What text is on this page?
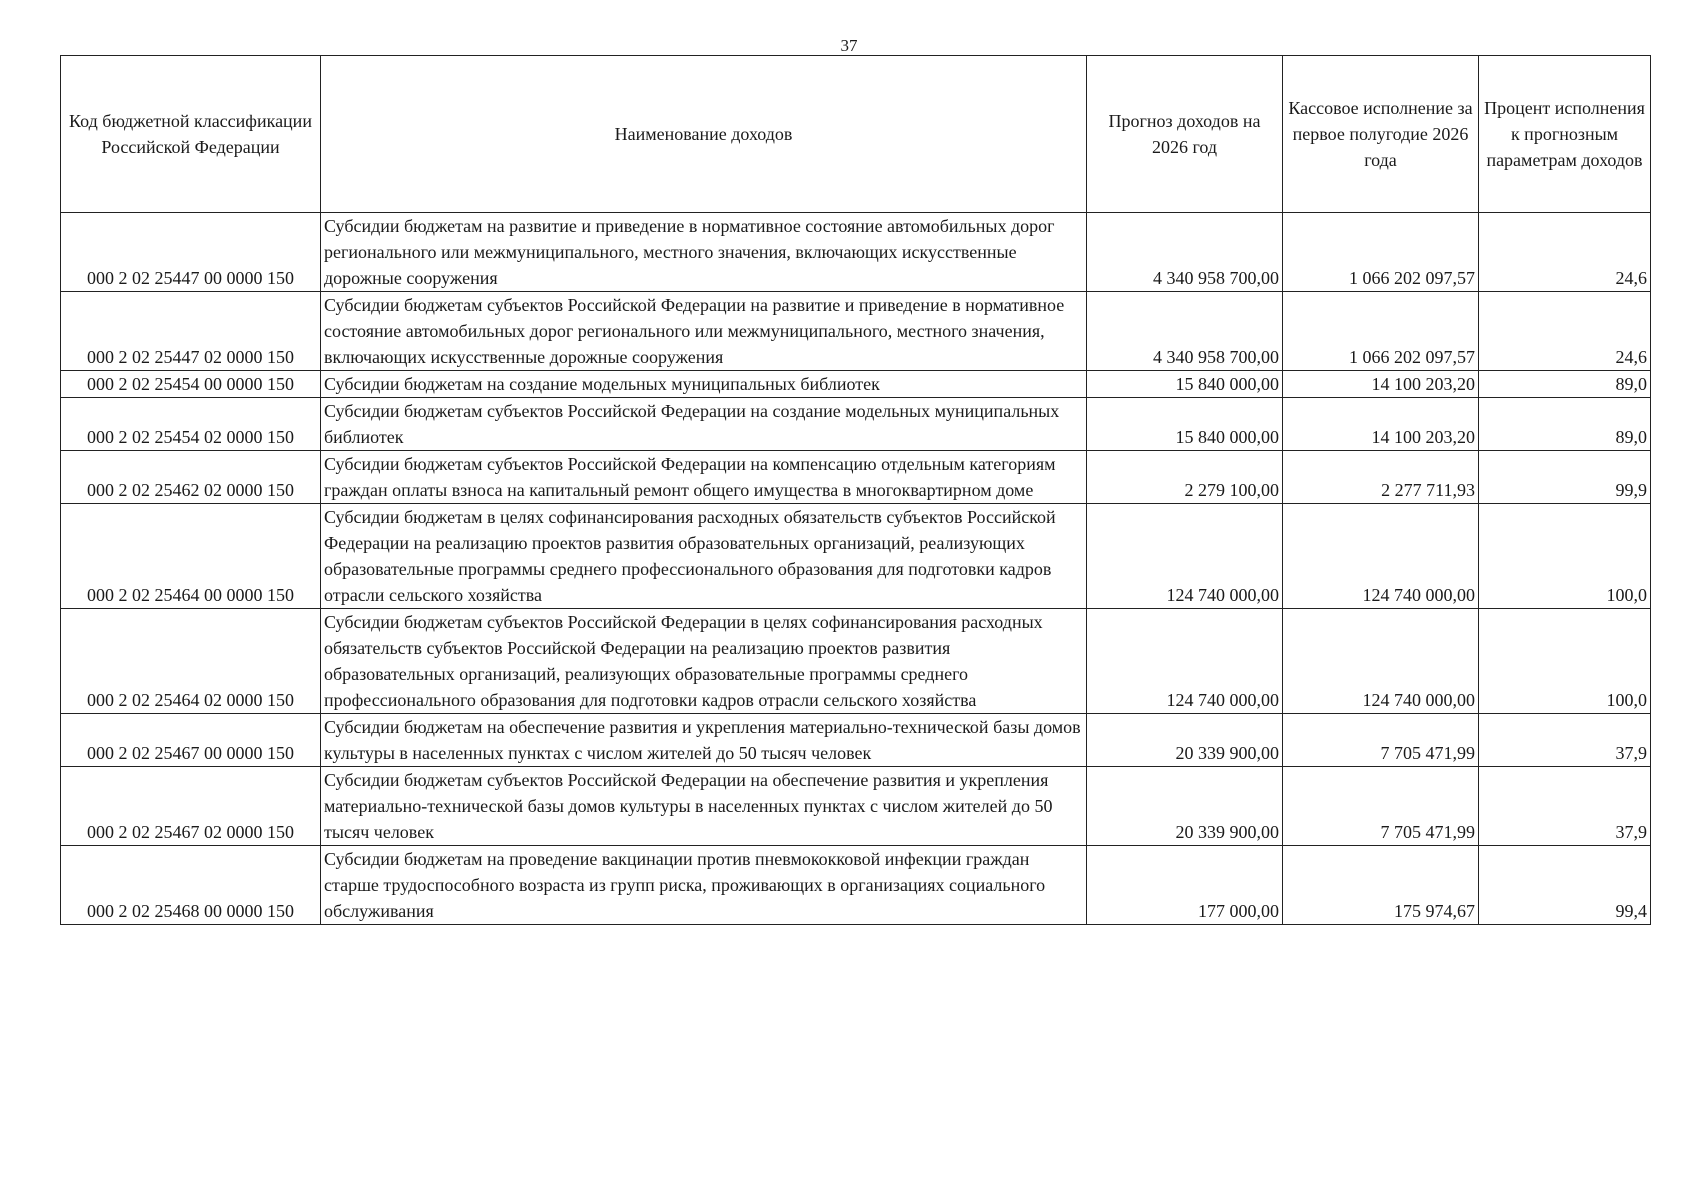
37
Код бюджетной классификации Российской Федерации	Наименование доходов	Прогноз доходов на 2026 год	Кассовое исполнение за первое полугодие 2026 года	Процент исполнения к прогнозным параметрам доходов
000 2 02 25447 00 0000 150	Субсидии бюджетам на развитие и приведение в нормативное состояние автомобильных дорог регионального или межмуниципального, местного значения, включающих искусственные дорожные сооружения	4 340 958 700,00	1 066 202 097,57	24,6
000 2 02 25447 02 0000 150	Субсидии бюджетам субъектов Российской Федерации на развитие и приведение в нормативное состояние автомобильных дорог регионального или межмуниципального, местного значения, включающих искусственные дорожные сооружения	4 340 958 700,00	1 066 202 097,57	24,6
000 2 02 25454 00 0000 150	Субсидии бюджетам на создание модельных муниципальных библиотек	15 840 000,00	14 100 203,20	89,0
000 2 02 25454 02 0000 150	Субсидии бюджетам субъектов Российской Федерации на создание модельных муниципальных библиотек	15 840 000,00	14 100 203,20	89,0
000 2 02 25462 02 0000 150	Субсидии бюджетам субъектов Российской Федерации на компенсацию отдельным категориям граждан оплаты взноса на капитальный ремонт общего имущества в многоквартирном доме	2 279 100,00	2 277 711,93	99,9
000 2 02 25464 00 0000 150	Субсидии бюджетам в целях софинансирования расходных обязательств субъектов Российской Федерации на реализацию проектов развития образовательных организаций, реализующих образовательные программы среднего профессионального образования для подготовки кадров отрасли сельского хозяйства	124 740 000,00	124 740 000,00	100,0
000 2 02 25464 02 0000 150	Субсидии бюджетам субъектов Российской Федерации в целях софинансирования расходных обязательств субъектов Российской Федерации на реализацию проектов развития образовательных организаций, реализующих образовательные программы среднего профессионального образования для подготовки кадров отрасли сельского хозяйства	124 740 000,00	124 740 000,00	100,0
000 2 02 25467 00 0000 150	Субсидии бюджетам на обеспечение развития и укрепления материально-технической базы домов культуры в населенных пунктах с числом жителей до 50 тысяч человек	20 339 900,00	7 705 471,99	37,9
000 2 02 25467 02 0000 150	Субсидии бюджетам субъектов Российской Федерации на обеспечение развития и укрепления материально-технической базы домов культуры в населенных пунктах с числом жителей до 50 тысяч человек	20 339 900,00	7 705 471,99	37,9
000 2 02 25468 00 0000 150	Субсидии бюджетам на проведение вакцинации против пневмококковой инфекции граждан старше трудоспособного возраста из групп риска, проживающих в организациях социального обслуживания	177 000,00	175 974,67	99,4
